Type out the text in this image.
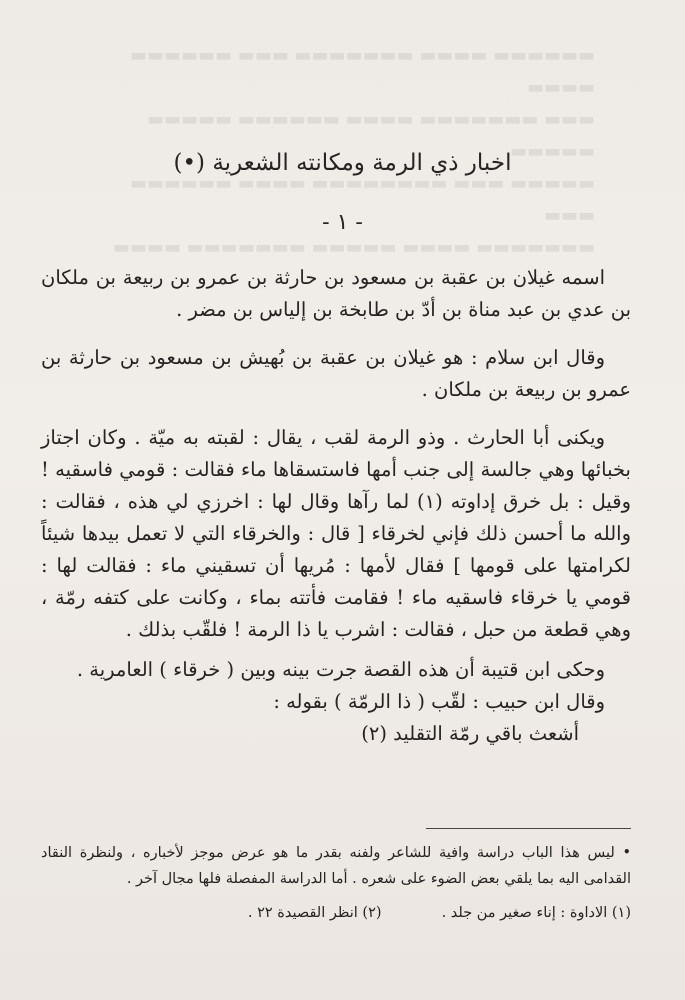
▬▬▬▬▬▬ ▬▬▬▬ ▬▬▬▬▬▬▬ ▬▬▬ ▬▬▬▬▬▬ ▬▬▬▬
▬▬▬ ▬▬▬▬▬▬▬ ▬▬▬▬ ▬▬▬▬▬▬ ▬▬▬▬▬ ▬▬▬▬▬
▬▬▬▬▬ ▬▬▬ ▬▬▬▬▬▬▬▬ ▬▬▬▬ ▬▬▬▬▬▬ ▬▬▬
▬▬▬▬▬▬▬ ▬▬▬▬ ▬▬▬▬▬ ▬▬▬▬▬▬▬ ▬▬▬▬
اخبار ذي الرمة ومكانته الشعرية (•)
- ١ -

اسمه غيلان بن عقبة بن مسعود بن حارثة بن عمرو بن ربيعة بن ملكان بن عدي بن عبد مناة بن أدّ بن طابخة بن إلياس بن مضر .

وقال ابن سلام : هو غيلان بن عقبة بن بُهيش بن مسعود بن حارثة بن عمرو بن ربيعة بن ملكان .

ويكنى أبا الحارث . وذو الرمة لقب ، يقال : لقبته به ميّة . وكان اجتاز بخبائها وهي جالسة إلى جنب أمها فاستسقاها ماء فقالت : قومي فاسقيه ! وقيل : بل خرق إداوته (١) لما رآها وقال لها : اخرزي لي هذه ، فقالت : والله ما أحسن ذلك فإني لخرقاء [ قال : والخرقاء التي لا تعمل بيدها شيئاً لكرامتها على قومها ] فقال لأمها : مُريها أن تسقيني ماء : فقالت لها : قومي يا خرقاء فاسقيه ماء ! فقامت فأتته بماء ، وكانت على كتفه رمّة ، وهي قطعة من حبل ، فقالت : اشرب يا ذا الرمة ! فلقّب بذلك .

وحكى ابن قتيبة أن هذه القصة جرت بينه وبين ( خرقاء ) العامرية .
وقال ابن حبيب : لقّب ( ذا الرمّة ) بقوله :
أشعث باقي رمّة التقليد (٢)

• ليس هذا الباب دراسة وافية للشاعر ولفنه بقدر ما هو عرض موجز لأخباره ، ولنظرة النقاد القدامى اليه بما يلقي بعض الضوء على شعره . أما الدراسة المفصلة فلها مجال آخر .

(١) الاداوة : إناء صغير من جلد .
(٢) انظر القصيدة ٢٢ .
